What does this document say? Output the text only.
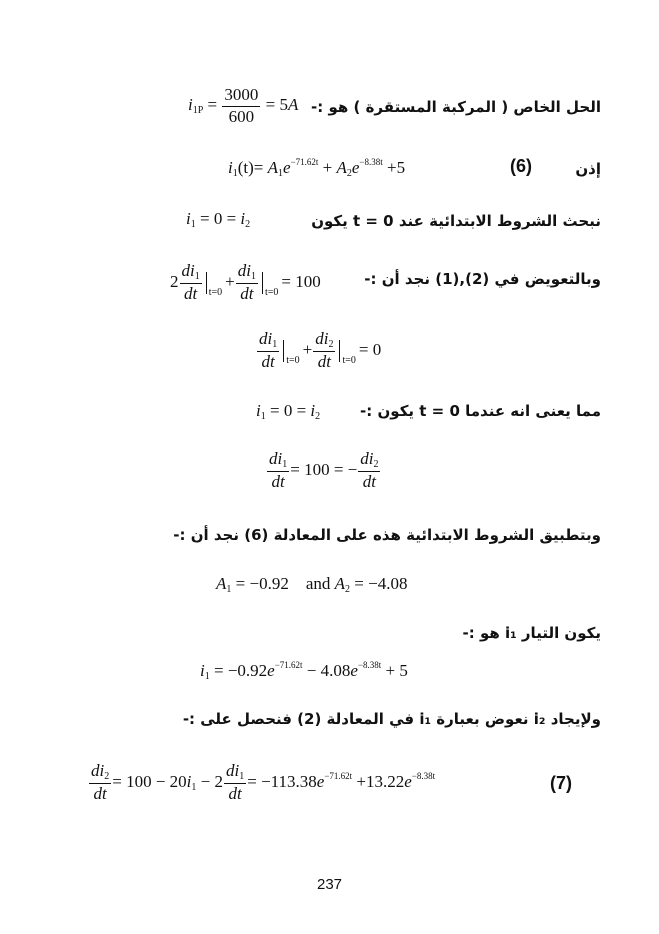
$i_{1P} = \frac{3000}{600} = 5A$ الحل الخاص ( المركبة المستقرة ) هو :-
$i_1(t)= A_1e^{-71.62t} + A_2e^{-8.38t} +5$	(6)	إذن
$i_1 = 0 = i_2$	نبحث الشروط الابتدائية عند t = 0 يكون
$2 \frac{di_1}{dt} _{t=0}+ \frac{di_1}{dt} _{t=0}= 100$	وبالتعويض في (2),(1) نجد أن :-
$\frac{di_1}{dt} _{t=0}+ \frac{di_2}{dt} _{t=0}= 0$
$i_1 = 0 = i_2$	مما يعنى انه عندما t = 0 يكون :-
$\frac{di_1}{dt} = 100$ = − $\frac{di_2}{dt}$
وبتطبيق الشروط الابتدائية هذه على المعادلة (6) نجد أن :-
$A_1 = -0.92$ and $A_2 = -4.08$
يكون التيار i₁ هو :-
$i_1 = -0.92e^{-71.62t} - 4.08e^{-8.38t} + 5$
ولإيجاد i₂ نعوض بعبارة i₁ في المعادلة (2) فنحصل على :-
$\frac{di_2}{dt} = 100 - 20i_1 - 2 \frac{di_1}{dt} = -113.38e^{-71.62t} +13.22e^{-8.38t}$	(7)
237
